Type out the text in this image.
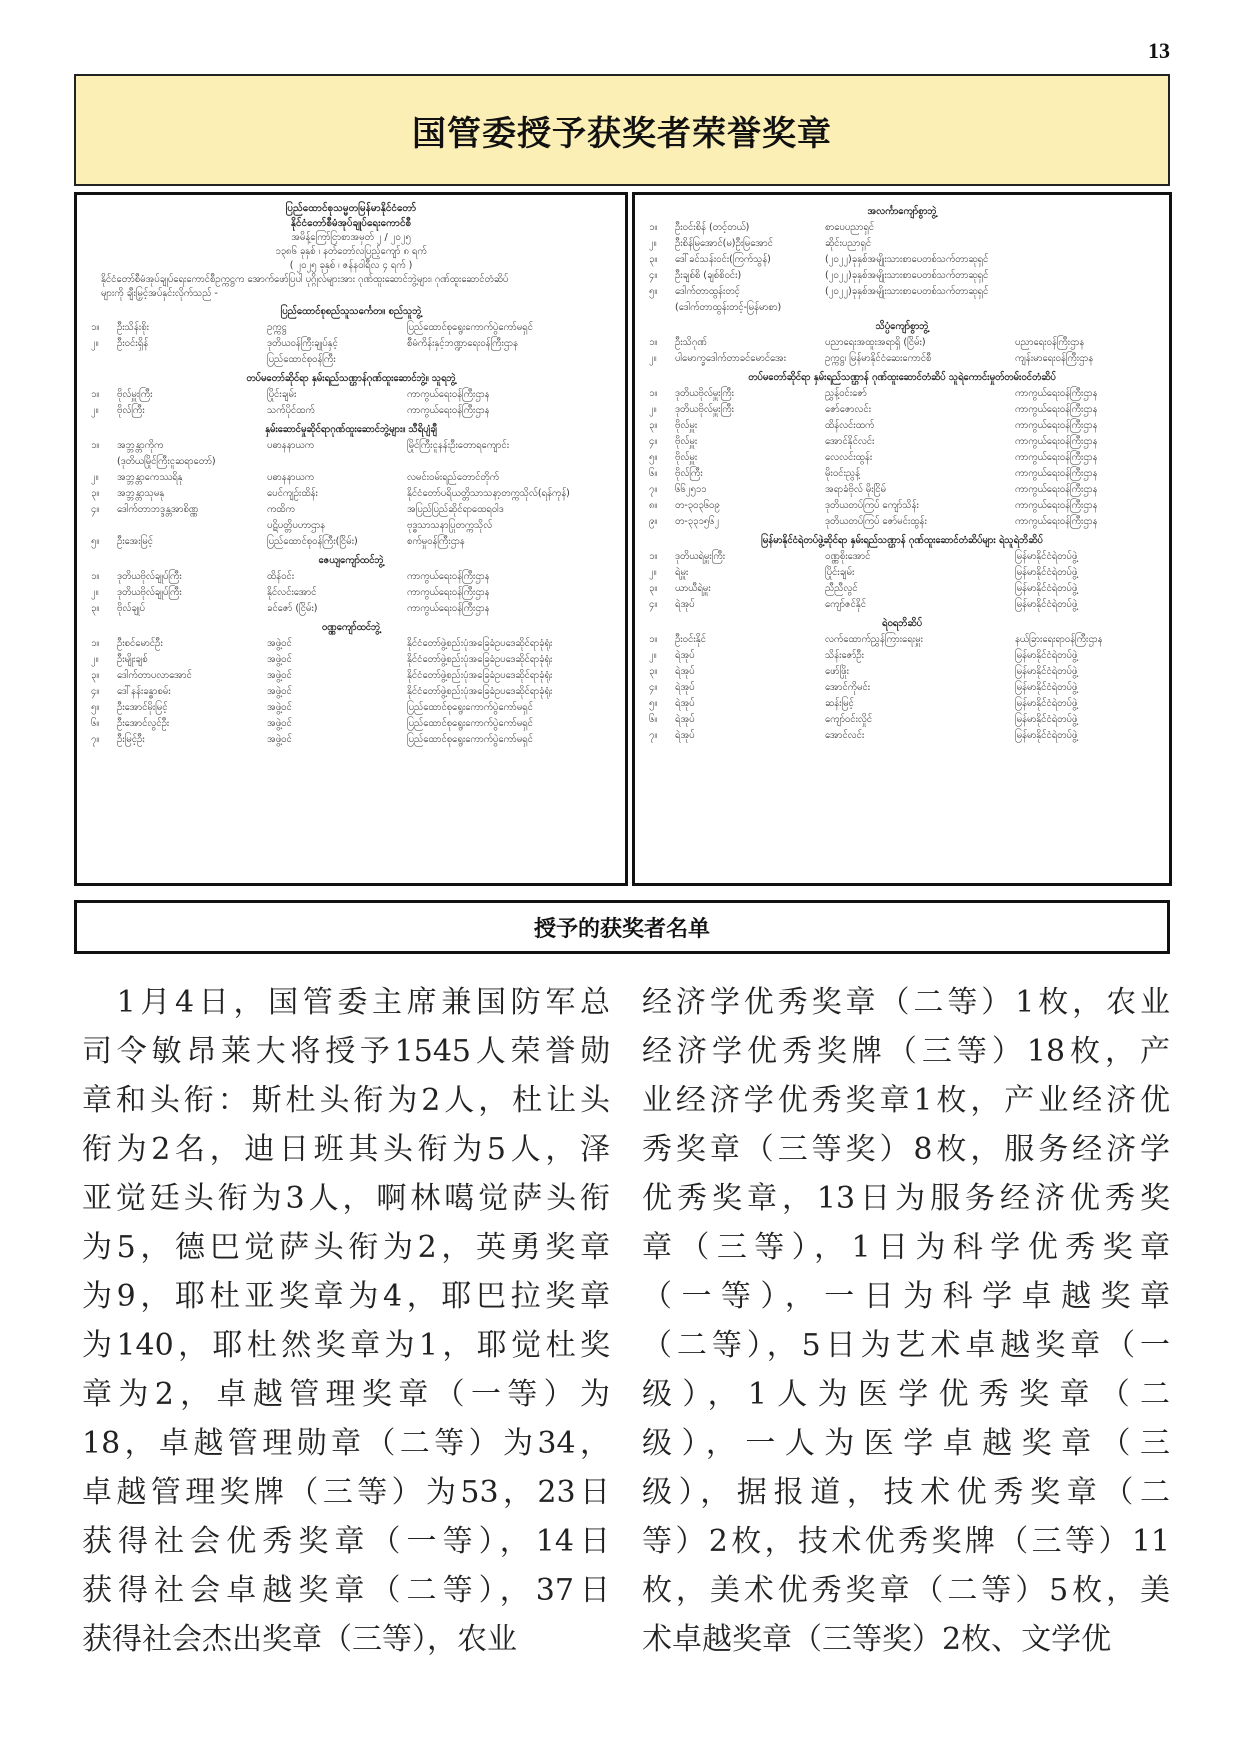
13
国管委授予获奖者荣誉奖章
ပြည်ထောင်စုသမ္မတမြန်မာနိုင်ငံတော်
နိုင်ငံတော်စီမံအုပ်ချုပ်ရေးကောင်စီ
အမိန့်ကြော်ငြာစာအမှတ် ၂ / ၂၀၂၅
၁၃၈၆ ခုနှစ် ၊ နတ်တော်လပြည့်ကျော် ၈ ရက်
( ၂၀၂၅ ခုနှစ် ၊ ဇန်နဝါရီလ ၄ ရက် )
နိုင်ငံတော်စီမံအုပ်ချုပ်ရေးကောင်စီဥက္ကဋ္ဌက အောက်ဖော်ပြပါ ပုဂ္ဂိုလ်များအား ဂုဏ်ထူးဆောင်ဘွဲ့များ၊ ဂုဏ်ထူးဆောင်တံဆိပ်
များကို ချီးမြှင့်အပ်နှင်းလိုက်သည် -
ပြည်ထောင်စုစည်သူသင်္ကေတ။ စည်သူဘွဲ့
၁။	ဦးသိန်းစိုး	ဥက္ကဋ္ဌ	ပြည်ထောင်စုရွေးကောက်ပွဲကော်မရှင်
၂။	ဦးဝင်းရှိန်	ဒုတိယဝန်ကြီးချုပ်နှင့်	စီမံကိန်းနှင့်ဘဏ္ဍာရေးဝန်ကြီးဌာန
ပြည်ထောင်စုဝန်ကြီး
တပ်မတော်ဆိုင်ရာ နှမ်းရည်သဏ္ဌာန်ဂုဏ်ထူးဆောင်ဘွဲ့။ သူရဘွဲ့
၁။	ဗိုလ်မှူးကြီး	ပြိုင်းချမ်း	ကာကွယ်ရေးဝန်ကြီးဌာန
၂။	ဗိုလ်ကြီး	သက်ပိုင်ထက်	ကာကွယ်ရေးဝန်ကြီးဌာန
နှမ်းဆောင်မှုဆိုင်ရာဂုဏ်ထူးဆောင်ဘွဲ့များ။ သီရိပျံချီ
၁။	အဘ္ဘန္တာကိုက	ပဓာနနာယက	မြိုင်ကြီးငူနန်းဦးတောရကျောင်း
(ဒုတိယမြိုင်ကြီးငူဆရာတော်)
၂။	အဘ္ဘန္တာကေဿရိနု	ပဓာနနာယက	လမင်းဝမ်းရည်တောင်တိုက်
၃။	အဘ္ဘန္တာသုမနု	ပေင်ကျဉ်းထိန်း	နိုင်ငံတော်ပရိယတ္တိသာသနာ့တက္ကသိုလ်(ရန်ကုန်)
၄။	ဒေါက်တာဘဒ္ဒန္တအာစိဏ္ဏ	ကထိက	အပြည်ပြည်ဆိုင်ရာထေရဝါဒ
ပဋိပတ္တိပဟာဌာန	ဗုဒ္ဓသာသနာပြုတက္ကသိုလ်
၅။	ဦးအေးမြင့်	ပြည်ထောင်စုဝန်ကြီး(ငြိမ်း)	စက်မှုဝန်ကြီးဌာန
ဇေယျကျော်ထင်ဘွဲ့
၁။	ဒုတိယဗိုလ်ချုပ်ကြီး	ထိန်ဝင်း	ကာကွယ်ရေးဝန်ကြီးဌာန
၂။	ဒုတိယဗိုလ်ချုပ်ကြီး	နိုင်လင်းအောင်	ကာကွယ်ရေးဝန်ကြီးဌာန
၃။	ဗိုလ်ချုပ်	ခင်ဇော် (ငြိမ်း)	ကာကွယ်ရေးဝန်ကြီးဌာန
ဝဏ္ဏကျော်ထင်ဘွဲ့
၁။	ဦးစင်မောင်ဦး	အဖွဲ့ဝင်	နိုင်ငံတော်ဖွဲ့စည်းပုံအခြေခံဥပဒေဆိုင်ရာခုံရုံး
၂။	ဦးမျိုးချစ်	အဖွဲ့ဝင်	နိုင်ငံတော်ဖွဲ့စည်းပုံအခြေခံဥပဒေဆိုင်ရာခုံရုံး
၃။	ဒေါက်တာပလာအောင်	အဖွဲ့ဝင်	နိုင်ငံတော်ဖွဲ့စည်းပုံအခြေခံဥပဒေဆိုင်ရာခုံရုံး
၄။	ဒေါ်နန်းခန္ဓာစမ်း	အဖွဲ့ဝင်	နိုင်ငံတော်ဖွဲ့စည်းပုံအခြေခံဥပဒေဆိုင်ရာခုံရုံး
၅။	ဦးအောင်မိုးမြင့်	အဖွဲ့ဝင်	ပြည်ထောင်စုရွေးကောက်ပွဲကော်မရှင်
၆။	ဦးအောင်လွင်ဦး	အဖွဲ့ဝင်	ပြည်ထောင်စုရွေးကောက်ပွဲကော်မရှင်
၇။	ဦးမြင့်ဦး	အဖွဲ့ဝင်	ပြည်ထောင်စုရွေးကောက်ပွဲကော်မရှင်
အလင်္ကာကျော်စွာဘွဲ့
၁။	ဦးဝင်းစိန် (တင့်တယ်)	စာပေပညာရှင်
၂။	ဦးစိန်မြအောင်(မ)ဦးမြအောင်	ဆိုင်းပညာရှင်
၃။	ဒေါ်ခင်သန်းဝင်း(ကြက်သွန်)	(၂၀၂၂)ခုနှစ်အမျိုးသားစာပေတစ်သက်တာဆုရှင်
၄။	ဦးချစ်စိ (ချစ်စိဝင်း)	(၂၀၂၂)ခုနှစ်အမျိုးသားစာပေတစ်သက်တာဆုရှင်
၅။	ဒေါက်တာထွန်းတင့်	(၂၀၂၂)ခုနှစ်အမျိုးသားစာပေတစ်သက်တာဆုရှင်
(ဒေါက်တာထွန်းတင့်-မြန်မာစာ)
သိပ္ပံကျော်စွာဘွဲ့
၁။	ဦးသိဂုဏ်	ပညာရေးအထူးအရာရှိ (ငြိမ်း)	ပညာရေးဝန်ကြီးဌာန
၂။	ပါမောက္ခဒေါက်တာခင်မောင်အေး	ဥက္ကဋ္ဌ၊ မြန်မာနိုင်ငံဆေးကောင်စီ	ကျန်းမာရေးဝန်ကြီးဌာန
တပ်မတော်ဆိုင်ရာ နှမ်းရည်သဏ္ဌာန် ဂုဏ်ထူးဆောင်တံဆိပ် သူရဲကောင်းမှုတ်တမ်းဝင်တံဆိပ်
၁။	ဒုတိယဗိုလ်မှူးကြီး	ညွှန့်ဝင်းဇော်	ကာကွယ်ရေးဝန်ကြီးဌာန
၂။	ဒုတိယဗိုလ်မှူးကြီး	ဇော်ဇောလင်း	ကာကွယ်ရေးဝန်ကြီးဌာန
၃။	ဗိုလ်မှူး	ထိန်လင်းထက်	ကာကွယ်ရေးဝန်ကြီးဌာန
၄။	ဗိုလ်မှူး	အောင်နိုင်လင်း	ကာကွယ်ရေးဝန်ကြီးဌာန
၅။	ဗိုလ်မှူး	လေလင်းထွန်း	ကာကွယ်ရေးဝန်ကြီးဌာန
၆။	ဗိုလ်ကြီး	မိုးဝင်းညွန့်	ကာကွယ်ရေးဝန်ကြီးဌာန
၇။	၆၆၂၅၁၁	အရာခံဗိုလ် မိုးငြိမ်	ကာကွယ်ရေးဝန်ကြီးဌာန
၈။	တ-၃၀၃၆၀၉	ဒုတိယတပ်ကြပ် ကျော်သိန်း	ကာကွယ်ရေးဝန်ကြီးဌာန
၉။	တ-၃၃၁၅၆၂	ဒုတိယတပ်ကြပ် ဇော်မင်းထွန်း	ကာကွယ်ရေးဝန်ကြီးဌာန
မြန်မာနိုင်ငံရဲတပ်ဖွဲ့ဆိုင်ရာ နှမ်းရည်သဏ္ဌာန် ဂုဏ်ထူးဆောင်တံဆိပ်များ ရဲသူရဲဘိဆိပ်
၁။	ဒုတိယရဲမှူးကြီး	ဝဏ္ဏစိုးအောင်	မြန်မာနိုင်ငံရဲတပ်ဖွဲ့
၂။	ရဲမှူး	ပြိုင်းချမ်း	မြန်မာနိုင်ငံရဲတပ်ဖွဲ့
၃။	ယာယီရဲမှူး	ညီညီလွင်	မြန်မာနိုင်ငံရဲတပ်ဖွဲ့
၄။	ရဲအုပ်	ကျော်ဇင်နိုင်	မြန်မာနိုင်ငံရဲတပ်ဖွဲ့
ရဲဝရဘိဆိပ်
၁။	ဦးဝင်းနိုင်	လက်ထောက်ညွှန်ကြားရေးမှူး	နယ်ခြားရေးရာဝန်ကြီးဌာန
၂။	ရဲအုပ်	သိန်းဇော်ဦး	မြန်မာနိုင်ငံရဲတပ်ဖွဲ့
၃။	ရဲအုပ်	ဖော်ဖြိုး	မြန်မာနိုင်ငံရဲတပ်ဖွဲ့
၄။	ရဲအုပ်	အောင်ကိုမင်း	မြန်မာနိုင်ငံရဲတပ်ဖွဲ့
၅။	ရဲအုပ်	ဆန်းမြင့်	မြန်မာနိုင်ငံရဲတပ်ဖွဲ့
၆။	ရဲအုပ်	ကျော်ဝင်းလှိုင်	မြန်မာနိုင်ငံရဲတပ်ဖွဲ့
၇။	ရဲအုပ်	အောင်လင်း	မြန်မာနိုင်ငံရဲတပ်ဖွဲ့
授予的获奖者名单
　1月4日，国管委主席兼国防军总
司令敏昂莱大将授予1545人荣誉勋
章和头衔：斯杜头衔为2人，杜让头
衔为2名，迪日班其头衔为5人，泽
亚觉廷头衔为3人，啊林噶觉萨头衔
为5，德巴觉萨头衔为2，英勇奖章
为9，耶杜亚奖章为4，耶巴拉奖章
为140，耶杜然奖章为1，耶觉杜奖
章为2，卓越管理奖章（一等）为
18，卓越管理勋章（二等）为34，
卓越管理奖牌（三等）为53，23日
获得社会优秀奖章（一等），14日
获得社会卓越奖章（二等），37日
获得社会杰出奖章（三等），农业
经济学优秀奖章（二等）1枚，农业
经济学优秀奖牌（三等）18枚，产
业经济学优秀奖章1枚，产业经济优
秀奖章（三等奖）8枚，服务经济学
优秀奖章，13日为服务经济优秀奖
章（三等），1日为科学优秀奖章
（一等），一日为科学卓越奖章
（二等），5日为艺术卓越奖章（一
级），1人为医学优秀奖章（二
级），一人为医学卓越奖章（三
级），据报道，技术优秀奖章（二
等）2枚，技术优秀奖牌（三等）11
枚，美术优秀奖章（二等）5枚，美
术卓越奖章（三等奖）2枚、文学优
